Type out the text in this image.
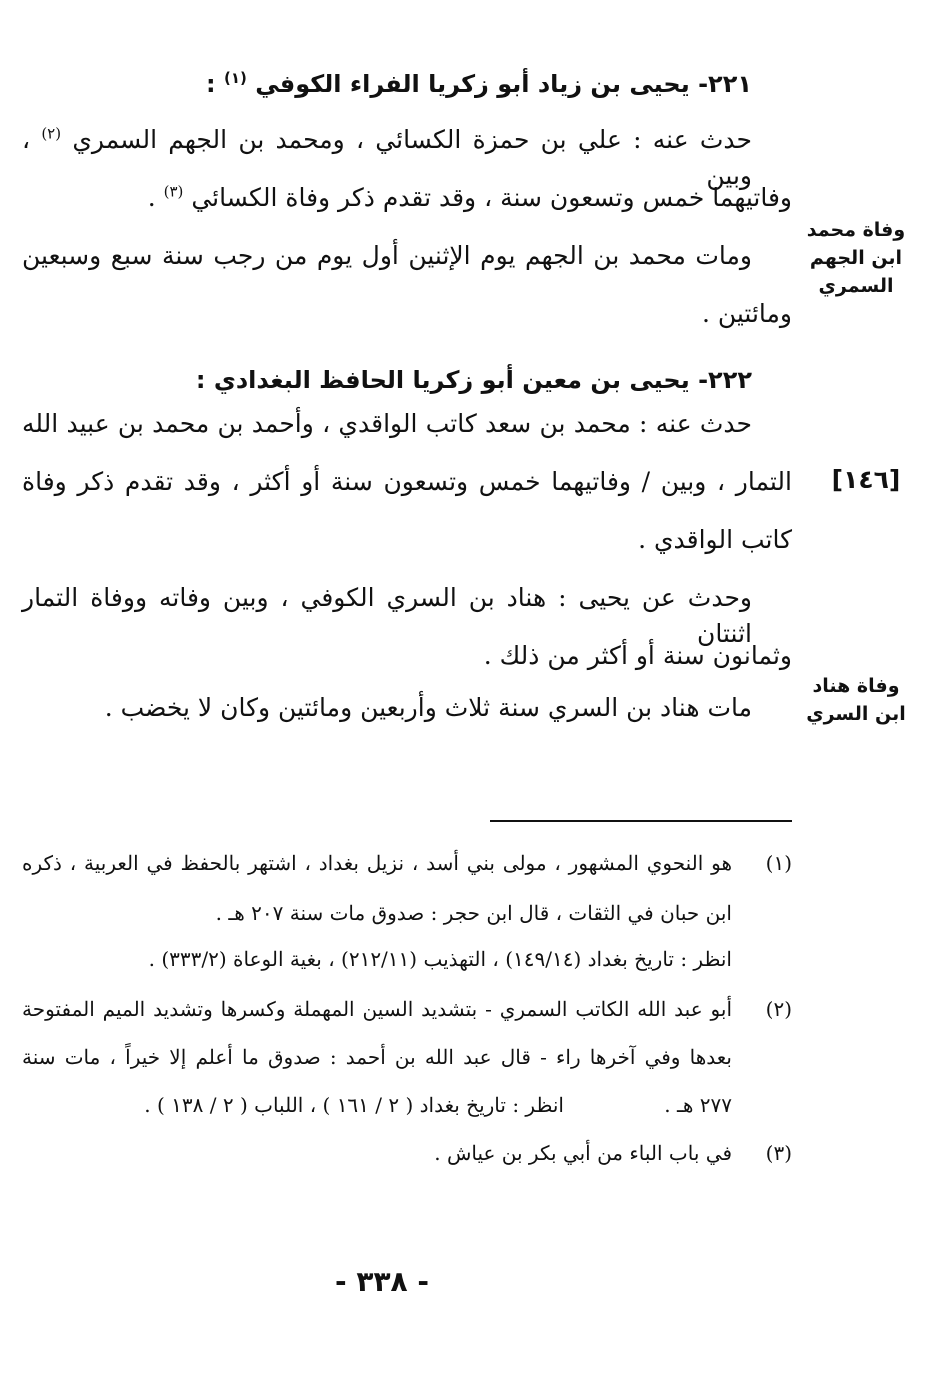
٢٢١- يحيى بن زياد أبو زكريا الفراء الكوفي $^{(١)}$ :
حدث عنه : علي بن حمزة الكسائي ، ومحمد بن الجهم السمري $^{(٢)}$ ، وبين
وفاتيهما خمس وتسعون سنة ، وقد تقدم ذكر وفاة الكسائي $^{(٣)}$ .
ومات محمد بن الجهم يوم الإثنين أول يوم من رجب سنة سبع وسبعين
ومائتين .
وفاة محمد
ابن الجهم
السمري
٢٢٢- يحيى بن معين أبو زكريا الحافظ البغدادي :
حدث عنه : محمد بن سعد كاتب الواقدي ، وأحمد بن محمد بن عبيد الله
التمار ، وبين / وفاتيهما خمس وتسعون سنة أو أكثر ، وقد تقدم ذكر وفاة [١٤٦]
كاتب الواقدي .
وحدث عن يحيى : هناد بن السري الكوفي ، وبين وفاته ووفاة التمار اثنتان
وثمانون سنة أو أكثر من ذلك .
مات هناد بن السري سنة ثلاث وأربعين ومائتين وكان لا يخضب .
وفاة هناد
ابن السري
(١)
هو النحوي المشهور ، مولى بني أسد ، نزيل بغداد ، اشتهر بالحفظ في العربية ، ذكره
ابن حبان في الثقات ، قال ابن حجر : صدوق مات سنة ٢٠٧ هـ .
انظر : تاريخ بغداد (١٤٩/١٤) ، التهذيب (٢١٢/١١) ، بغية الوعاة (٣٣٣/٢) .
(٢)
أبو عبد الله الكاتب السمري - بتشديد السين المهملة وكسرها وتشديد الميم المفتوحة
بعدها وفي آخرها راء - قال عبد الله بن أحمد : صدوق ما أعلم إلا خيراً ، مات سنة
٢٧٧ هـ .
انظر : تاريخ بغداد ( ٢ / ١٦١ ) ، اللباب ( ٢ / ١٣٨ ) .
(٣)
في باب الباء من أبي بكر بن عياش .
- ٣٣٨ -
